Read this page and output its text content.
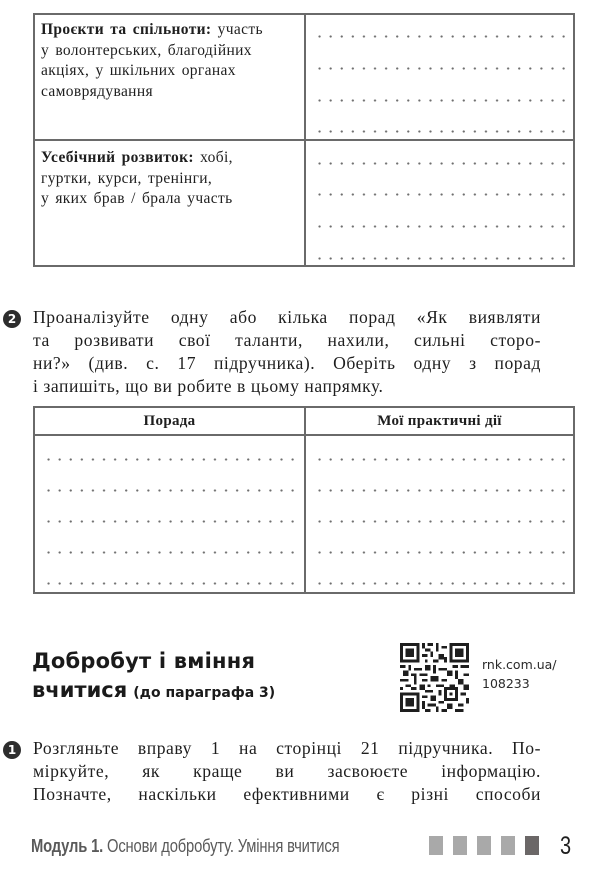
Проєкти та спільноти: участь
у волонтерських, благодійних
акціях, у шкільних органах
самоврядування
Усебічний розвиток: хобі,
гуртки, курси, тренінги,
у яких брав / брала участь
2 Проаналізуйте одну або кілька порад «Як виявляти
та розвивати свої таланти, нахили, сильні сторо-
ни?» (див. с. 17 підручника). Оберіть одну з порад
і запишіть, що ви робите в цьому напрямку.
Порада	Мої практичні дії
Добробут і вміння
вчитися (до параграфа 3)
rnk.com.ua/
108233
1 Розгляньте вправу 1 на сторінці 21 підручника. По-
міркуйте, як краще ви засвоюєте інформацію.
Позначте, наскільки ефективними є різні способи
Модуль 1. Основи добробуту. Уміння вчитися	3
